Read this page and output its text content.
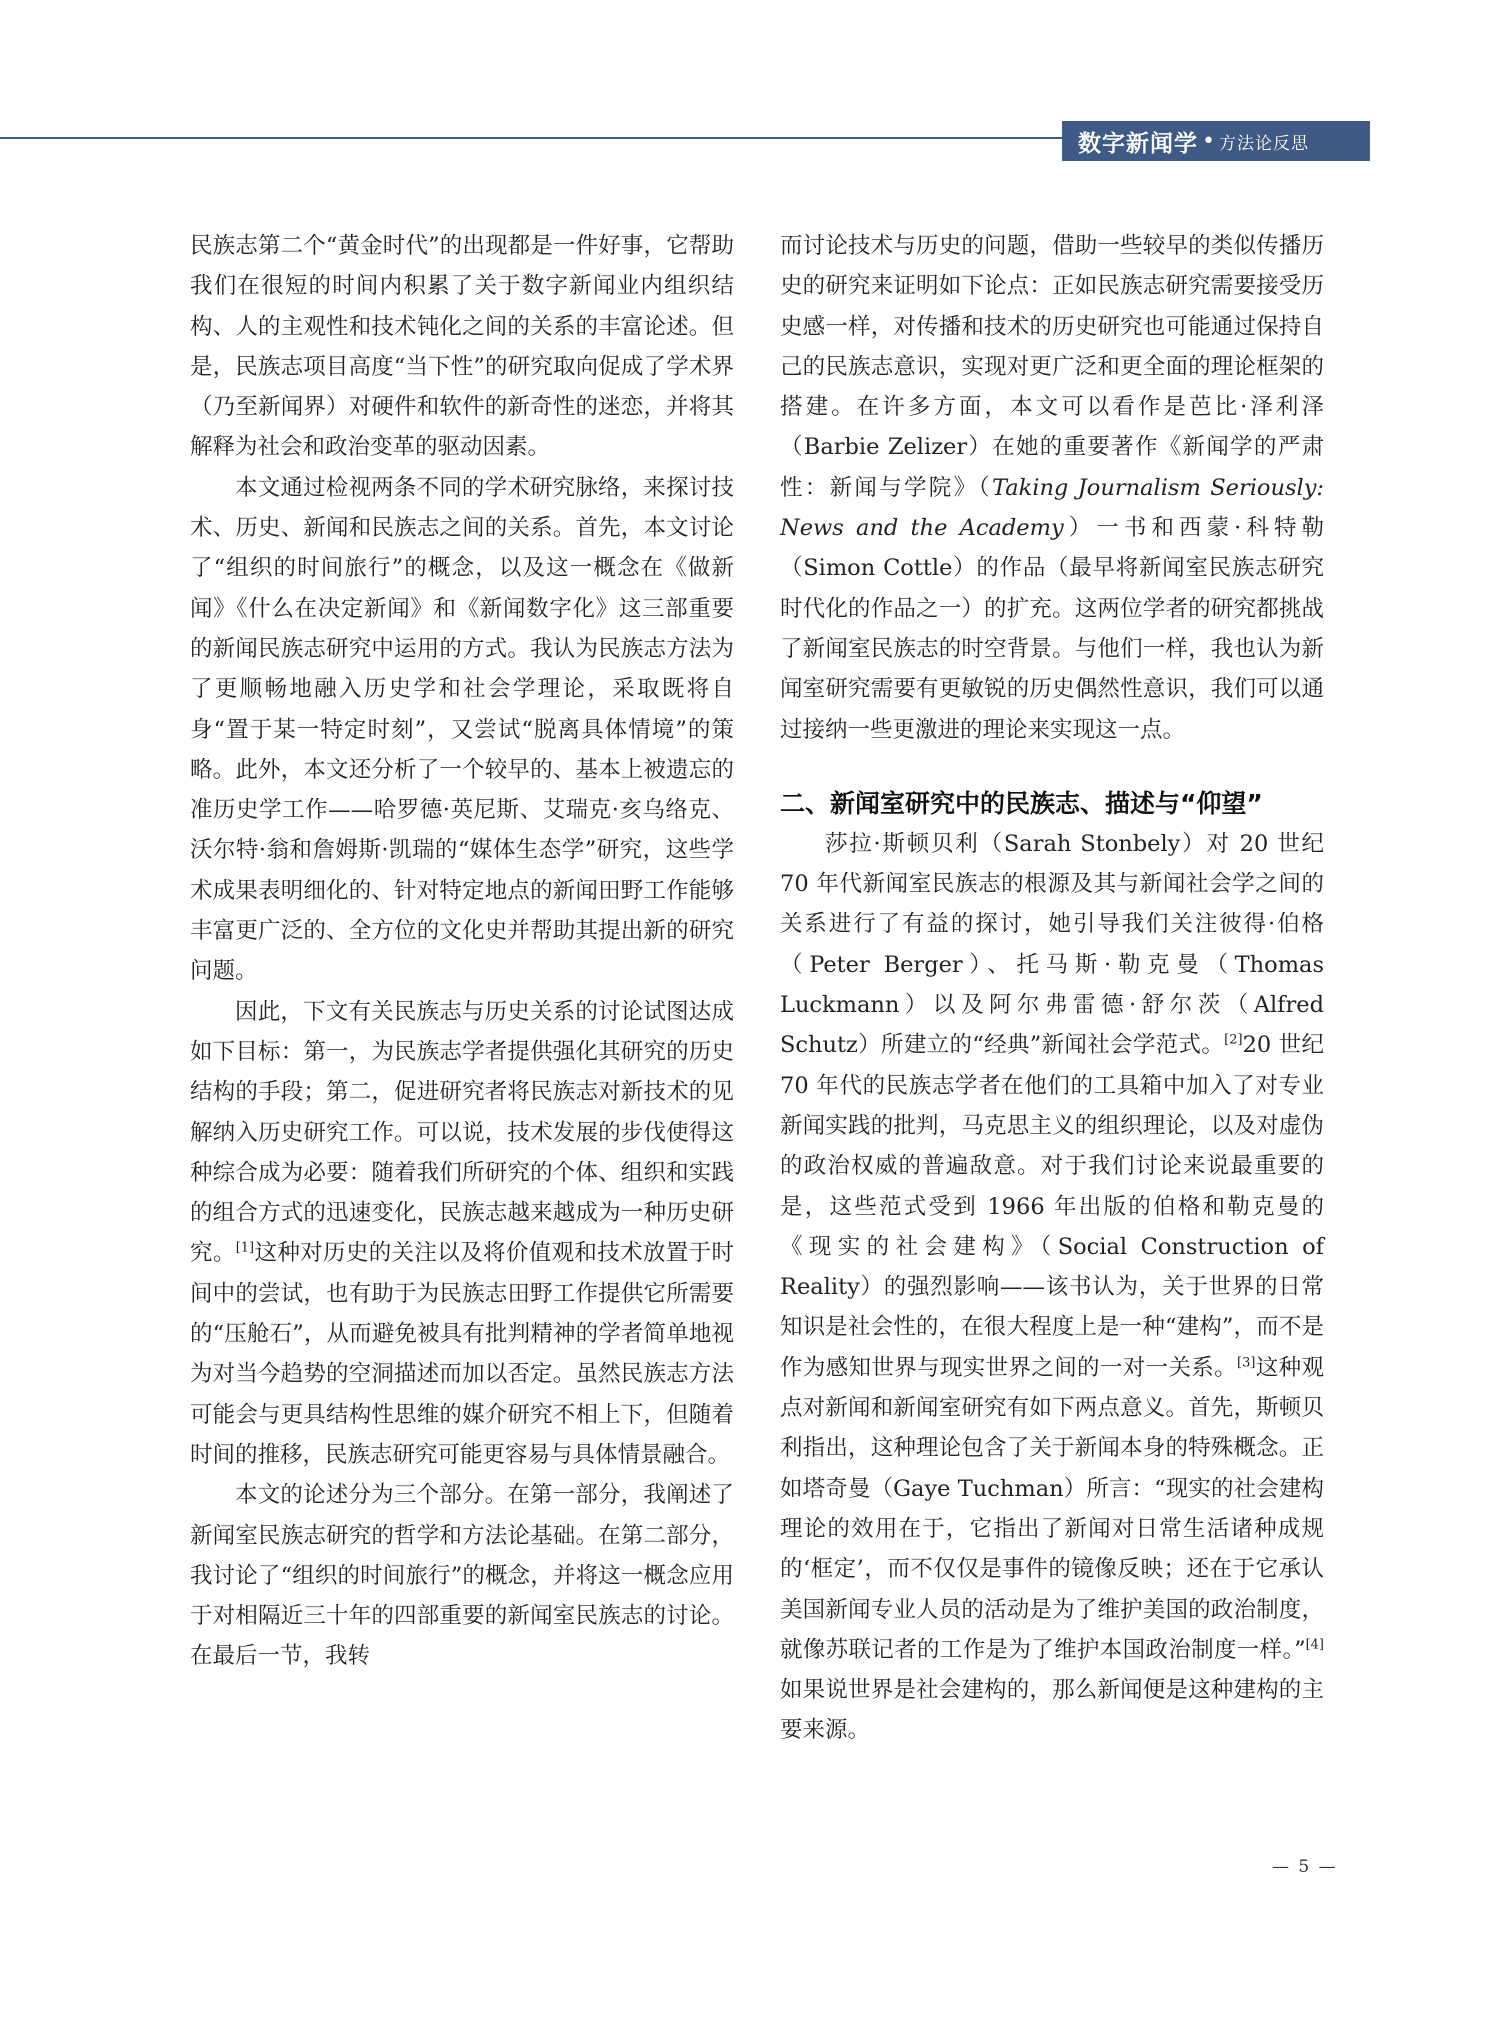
数字新闻学 • 方法论反思

民族志第二个“黄金时代”的出现都是一件好事，它帮助我们在很短的时间内积累了关于数字新闻业内组织结构、人的主观性和技术钝化之间的关系的丰富论述。但是，民族志项目高度“当下性”的研究取向促成了学术界（乃至新闻界）对硬件和软件的新奇性的迷恋，并将其解释为社会和政治变革的驱动因素。

本文通过检视两条不同的学术研究脉络，来探讨技术、历史、新闻和民族志之间的关系。首先，本文讨论了“组织的时间旅行”的概念，以及这一概念在《做新闻》《什么在决定新闻》和《新闻数字化》这三部重要的新闻民族志研究中运用的方式。我认为民族志方法为了更顺畅地融入历史学和社会学理论，采取既将自身“置于某一特定时刻”，又尝试“脱离具体情境”的策略。此外，本文还分析了一个较早的、基本上被遗忘的准历史学工作——哈罗德·英尼斯、艾瑞克·亥乌络克、沃尔特·翁和詹姆斯·凯瑞的“媒体生态学”研究，这些学术成果表明细化的、针对特定地点的新闻田野工作能够丰富更广泛的、全方位的文化史并帮助其提出新的研究问题。

因此，下文有关民族志与历史关系的讨论试图达成如下目标：第一，为民族志学者提供强化其研究的历史结构的手段；第二，促进研究者将民族志对新技术的见解纳入历史研究工作。可以说，技术发展的步伐使得这种综合成为必要：随着我们所研究的个体、组织和实践的组合方式的迅速变化，民族志越来越成为一种历史研究。[1]这种对历史的关注以及将价值观和技术放置于时间中的尝试，也有助于为民族志田野工作提供它所需要的“压舱石”，从而避免被具有批判精神的学者简单地视为对当今趋势的空洞描述而加以否定。虽然民族志方法可能会与更具结构性思维的媒介研究不相上下，但随着时间的推移，民族志研究可能更容易与具体情景融合。

本文的论述分为三个部分。在第一部分，我阐述了新闻室民族志研究的哲学和方法论基础。在第二部分，我讨论了“组织的时间旅行”的概念，并将这一概念应用于对相隔近三十年的四部重要的新闻室民族志的讨论。在最后一节，我转

而讨论技术与历史的问题，借助一些较早的类似传播历史的研究来证明如下论点：正如民族志研究需要接受历史感一样，对传播和技术的历史研究也可能通过保持自己的民族志意识，实现对更广泛和更全面的理论框架的搭建。在许多方面，本文可以看作是芭比·泽利泽（Barbie Zelizer）在她的重要著作《新闻学的严肃性：新闻与学院》（Taking Journalism Seriously: News and the Academy）一书和西蒙·科特勒（Simon Cottle）的作品（最早将新闻室民族志研究时代化的作品之一）的扩充。这两位学者的研究都挑战了新闻室民族志的时空背景。与他们一样，我也认为新闻室研究需要有更敏锐的历史偶然性意识，我们可以通过接纳一些更激进的理论来实现这一点。

二、新闻室研究中的民族志、描述与“仰望”

莎拉·斯顿贝利（Sarah Stonbely）对 20 世纪 70 年代新闻室民族志的根源及其与新闻社会学之间的关系进行了有益的探讨，她引导我们关注彼得·伯格（Peter Berger）、托马斯·勒克曼（Thomas Luckmann）以及阿尔弗雷德·舒尔茨（Alfred Schutz）所建立的“经典”新闻社会学范式。[2]20 世纪 70 年代的民族志学者在他们的工具箱中加入了对专业新闻实践的批判，马克思主义的组织理论，以及对虚伪的政治权威的普遍敌意。对于我们讨论来说最重要的是，这些范式受到 1966 年出版的伯格和勒克曼的《现实的社会建构》（Social Construction of Reality）的强烈影响——该书认为，关于世界的日常知识是社会性的，在很大程度上是一种“建构”，而不是作为感知世界与现实世界之间的一对一关系。[3]这种观点对新闻和新闻室研究有如下两点意义。首先，斯顿贝利指出，这种理论包含了关于新闻本身的特殊概念。正如塔奇曼（Gaye Tuchman）所言：“现实的社会建构理论的效用在于，它指出了新闻对日常生活诸种成规的‘框定’，而不仅仅是事件的镜像反映；还在于它承认美国新闻专业人员的活动是为了维护美国的政治制度，就像苏联记者的工作是为了维护本国政治制度一样。”[4]如果说世界是社会建构的，那么新闻便是这种建构的主要来源。

— 5 —
